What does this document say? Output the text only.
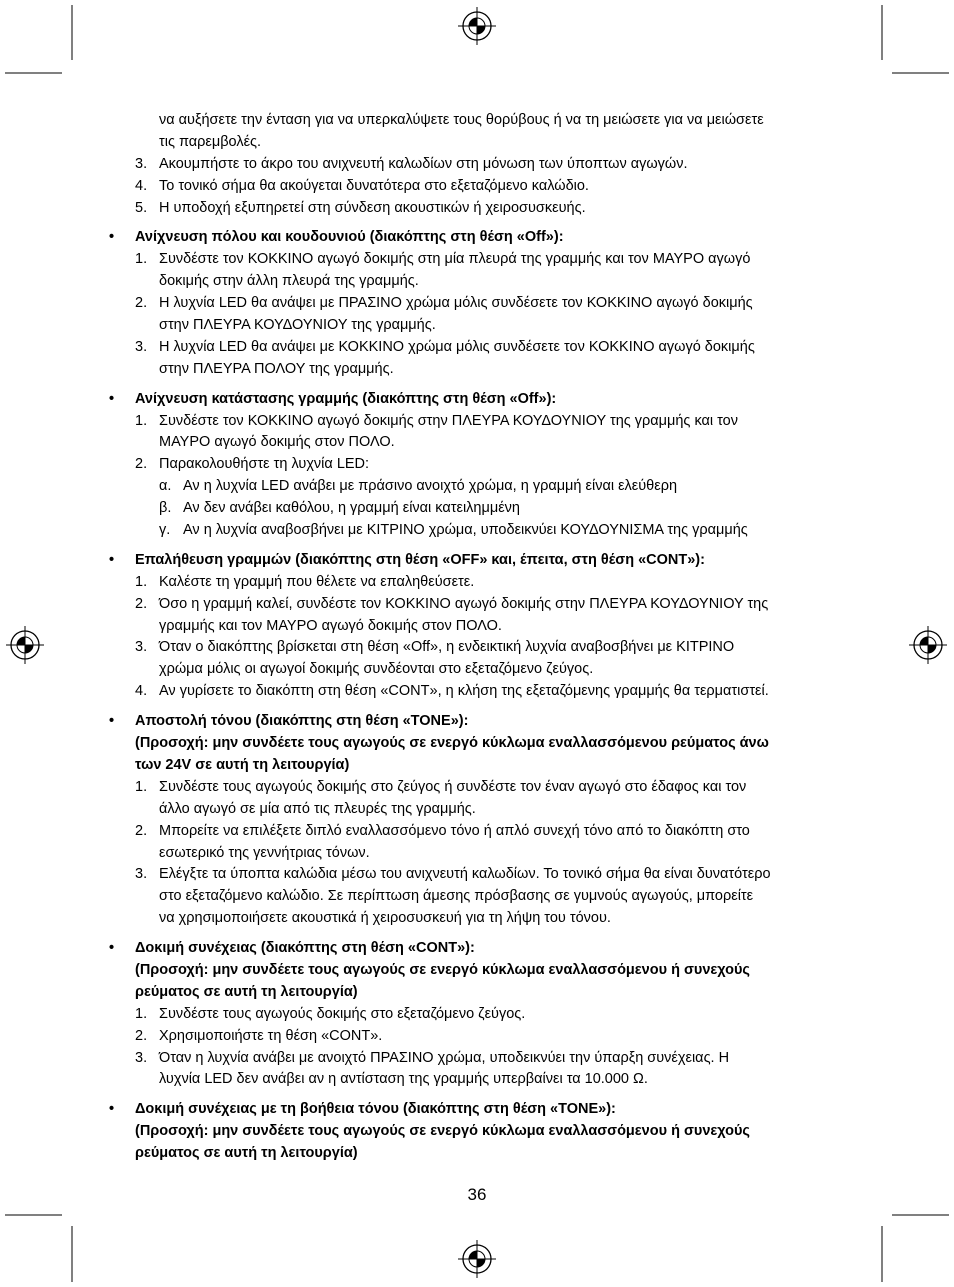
να αυξήσετε την ένταση για να υπερκαλύψετε τους θορύβους ή να τη μειώσετε για να μειώσετε
τις παρεμβολές.
3. Ακουμπήστε το άκρο του ανιχνευτή καλωδίων στη μόνωση των ύποπτων αγωγών.
4. Το τονικό σήμα θα ακούγεται δυνατότερα στο εξεταζόμενο καλώδιο.
5. Η υποδοχή εξυπηρετεί στη σύνδεση ακουστικών ή χειροσυσκευής.
• Ανίχνευση πόλου και κουδουνιού (διακόπτης στη θέση «Off»):
1. Συνδέστε τον ΚΟΚΚΙΝΟ αγωγό δοκιμής στη μία πλευρά της γραμμής και τον ΜΑΥΡΟ αγωγό
δοκιμής στην άλλη πλευρά της γραμμής.
2. Η λυχνία LED θα ανάψει με ΠΡΑΣΙΝΟ χρώμα μόλις συνδέσετε τον ΚΟΚΚΙΝΟ αγωγό δοκιμής
στην ΠΛΕΥΡΑ ΚΟΥΔΟΥΝΙΟΥ της γραμμής.
3. Η λυχνία LED θα ανάψει με ΚΟΚΚΙΝΟ χρώμα μόλις συνδέσετε τον ΚΟΚΚΙΝΟ αγωγό δοκιμής
στην ΠΛΕΥΡΑ ΠΟΛΟΥ της γραμμής.
• Ανίχνευση κατάστασης γραμμής (διακόπτης στη θέση «Off»):
1. Συνδέστε τον ΚΟΚΚΙΝΟ αγωγό δοκιμής στην ΠΛΕΥΡΑ ΚΟΥΔΟΥΝΙΟΥ της γραμμής και τον
ΜΑΥΡΟ αγωγό δοκιμής στον ΠΟΛΟ.
2. Παρακολουθήστε τη λυχνία LED:
α. Αν η λυχνία LED ανάβει με πράσινο ανοιχτό χρώμα, η γραμμή είναι ελεύθερη
β. Αν δεν ανάβει καθόλου, η γραμμή είναι κατειλημμένη
γ. Αν η λυχνία αναβοσβήνει με ΚΙΤΡΙΝΟ χρώμα, υποδεικνύει ΚΟΥΔΟΥΝΙΣΜΑ της γραμμής
• Επαλήθευση γραμμών (διακόπτης στη θέση «OFF» και, έπειτα, στη θέση «CONT»):
1. Καλέστε τη γραμμή που θέλετε να επαληθεύσετε.
2. Όσο η γραμμή καλεί, συνδέστε τον ΚΟΚΚΙΝΟ αγωγό δοκιμής στην ΠΛΕΥΡΑ ΚΟΥΔΟΥΝΙΟΥ της
γραμμής και τον ΜΑΥΡΟ αγωγό δοκιμής στον ΠΟΛΟ.
3. Όταν ο διακόπτης βρίσκεται στη θέση «Off», η ενδεικτική λυχνία αναβοσβήνει με ΚΙΤΡΙΝΟ
χρώμα μόλις οι αγωγοί δοκιμής συνδέονται στο εξεταζόμενο ζεύγος.
4. Αν γυρίσετε το διακόπτη στη θέση «CONT», η κλήση της εξεταζόμενης γραμμής θα τερματιστεί.
• Αποστολή τόνου (διακόπτης στη θέση «TONE»):
(Προσοχή: μην συνδέετε τους αγωγούς σε ενεργό κύκλωμα εναλλασσόμενου ρεύματος άνω
των 24V σε αυτή τη λειτουργία)
1. Συνδέστε τους αγωγούς δοκιμής στο ζεύγος ή συνδέστε τον έναν αγωγό στο έδαφος και τον
άλλο αγωγό σε μία από τις πλευρές της γραμμής.
2. Μπορείτε να επιλέξετε διπλό εναλλασσόμενο τόνο ή απλό συνεχή τόνο από το διακόπτη στο
εσωτερικό της γεννήτριας τόνων.
3. Ελέγξτε τα ύποπτα καλώδια μέσω του ανιχνευτή καλωδίων. Το τονικό σήμα θα είναι δυνατότερο
στο εξεταζόμενο καλώδιο. Σε περίπτωση άμεσης πρόσβασης σε γυμνούς αγωγούς, μπορείτε
να χρησιμοποιήσετε ακουστικά ή χειροσυσκευή για τη λήψη του τόνου.
• Δοκιμή συνέχειας (διακόπτης στη θέση «CONT»):
(Προσοχή: μην συνδέετε τους αγωγούς σε ενεργό κύκλωμα εναλλασσόμενου ή συνεχούς
ρεύματος σε αυτή τη λειτουργία)
1. Συνδέστε τους αγωγούς δοκιμής στο εξεταζόμενο ζεύγος.
2. Χρησιμοποιήστε τη θέση «CONT».
3. Όταν η λυχνία ανάβει με ανοιχτό ΠΡΑΣΙΝΟ χρώμα, υποδεικνύει την ύπαρξη συνέχειας. Η
λυχνία LED δεν ανάβει αν η αντίσταση της γραμμής υπερβαίνει τα 10.000 Ω.
• Δοκιμή συνέχειας με τη βοήθεια τόνου (διακόπτης στη θέση «TONE»):
(Προσοχή: μην συνδέετε τους αγωγούς σε ενεργό κύκλωμα εναλλασσόμενου ή συνεχούς
ρεύματος σε αυτή τη λειτουργία)
36
